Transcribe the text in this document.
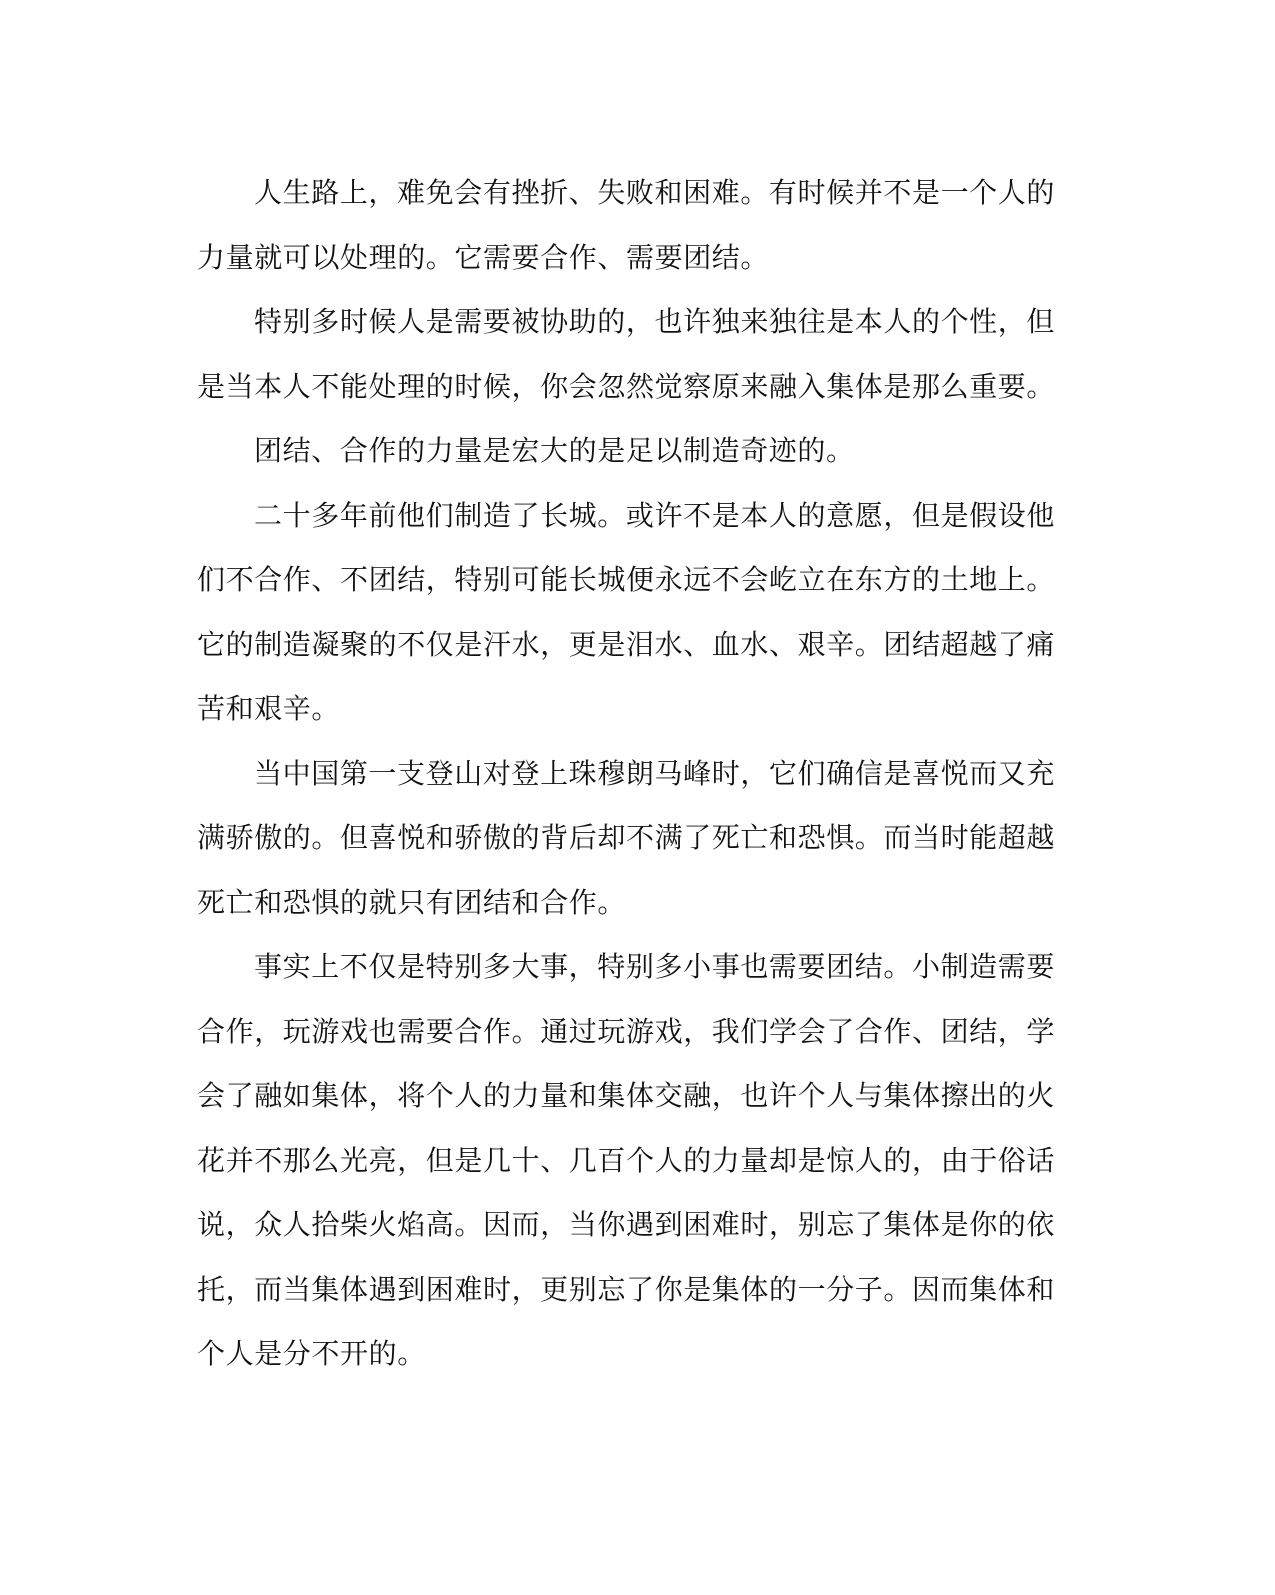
人生路上，难免会有挫折、失败和困难。有时候并不是一个人的力量就可以处理的。它需要合作、需要团结。

特别多时候人是需要被协助的，也许独来独往是本人的个性，但是当本人不能处理的时候，你会忽然觉察原来融入集体是那么重要。

团结、合作的力量是宏大的是足以制造奇迹的。

二十多年前他们制造了长城。或许不是本人的意愿，但是假设他们不合作、不团结，特别可能长城便永远不会屹立在东方的土地上。它的制造凝聚的不仅是汗水，更是泪水、血水、艰辛。团结超越了痛苦和艰辛。

当中国第一支登山对登上珠穆朗马峰时，它们确信是喜悦而又充满骄傲的。但喜悦和骄傲的背后却不满了死亡和恐惧。而当时能超越死亡和恐惧的就只有团结和合作。

事实上不仅是特别多大事，特别多小事也需要团结。小制造需要合作，玩游戏也需要合作。通过玩游戏，我们学会了合作、团结，学会了融如集体，将个人的力量和集体交融，也许个人与集体擦出的火花并不那么光亮，但是几十、几百个人的力量却是惊人的，由于俗话说，众人拾柴火焰高。因而，当你遇到困难时，别忘了集体是你的依托，而当集体遇到困难时，更别忘了你是集体的一分子。因而集体和个人是分不开的。
